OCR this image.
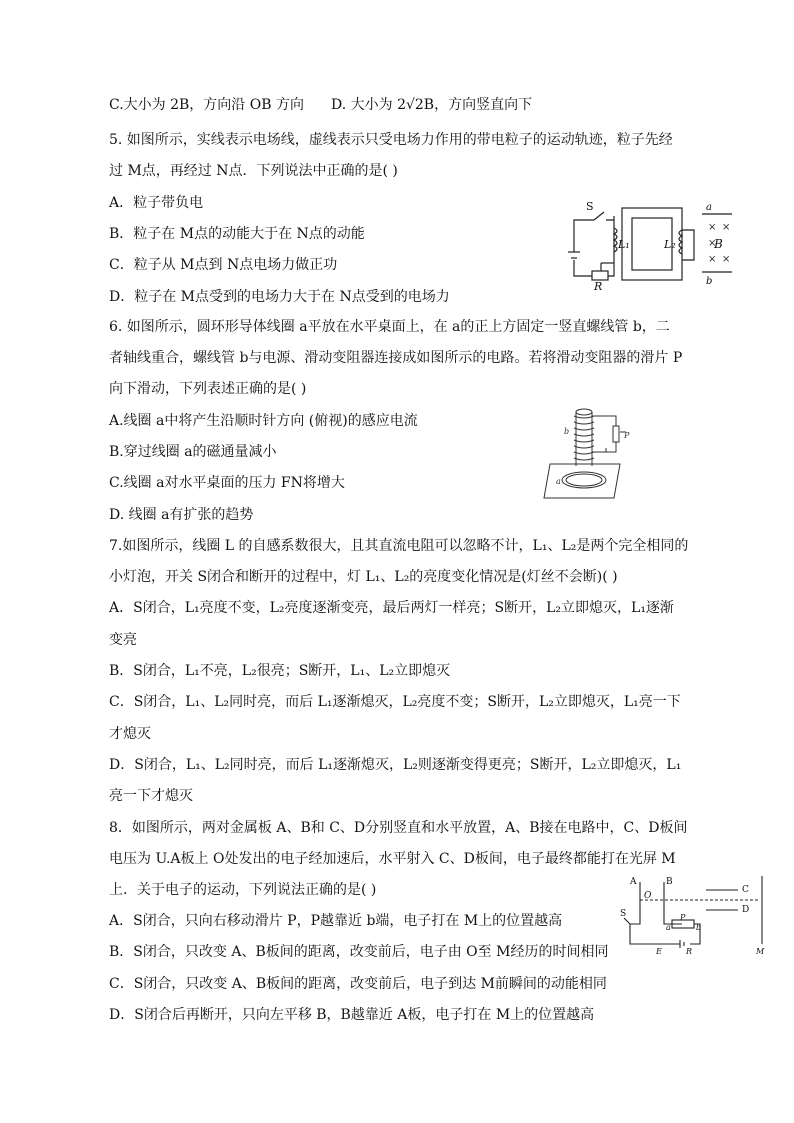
C.大小为 2B，方向沿 OB 方向 D. 大小为 2√2B，方向竖直向下
5. 如图所示，实线表示电场线，虚线表示只受电场力作用的带电粒子的运动轨迹，粒子先经
过 M点，再经过 N点．下列说法中正确的是( )
A．粒子带负电
B．粒子在 M点的动能大于在 N点的动能
C．粒子从 M点到 N点电场力做正功
D．粒子在 M点受到的电场力大于在 N点受到的电场力
×
×
×
×
×
S
L₁	L₂
R
a
b
B
6. 如图所示，圆环形导体线圈 a平放在水平桌面上，在 a的正上方固定一竖直螺线管 b，二
者轴线重合，螺线管 b与电源、滑动变阻器连接成如图所示的电路。若将滑动变阻器的滑片 P
向下滑动，下列表述正确的是( )
A.线圈 a中将产生沿顺时针方向 (俯视)的感应电流
B.穿过线圈 a的磁通量减小
C.线圈 a对水平桌面的压力 FN将增大
D. 线圈 a有扩张的趋势
b	P
a
7.如图所示，线圈 L 的自感系数很大，且其直流电阻可以忽略不计，L₁、L₂是两个完全相同的
小灯泡，开关 S闭合和断开的过程中，灯 L₁、L₂的亮度变化情况是(灯丝不会断)( )
A．S闭合，L₁亮度不变，L₂亮度逐渐变亮，最后两灯一样亮；S断开，L₂立即熄灭，L₁逐渐
变亮
B．S闭合，L₁不亮，L₂很亮；S断开，L₁、L₂立即熄灭
C．S闭合，L₁、L₂同时亮，而后 L₁逐渐熄灭，L₂亮度不变；S断开，L₂立即熄灭，L₁亮一下
才熄灭
D．S闭合，L₁、L₂同时亮，而后 L₁逐渐熄灭，L₂则逐渐变得更亮；S断开，L₂立即熄灭，L₁
亮一下才熄灭
8．如图所示，两对金属板 A、B和 C、D分别竖直和水平放置，A、B接在电路中，C、D板间
电压为 U.A板上 O处发出的电子经加速后，水平射入 C、D板间，电子最终都能打在光屏 M
上．关于电子的运动，下列说法正确的是( )
A．S闭合，只向右移动滑片 P，P越靠近 b端，电子打在 M上的位置越高
B．S闭合，只改变 A、B板间的距离，改变前后，电子由 O至 M经历的时间相同
C．S闭合，只改变 A、B板间的距离，改变前后，电子到达 M前瞬间的动能相同
D．S闭合后再断开，只向左平移 B，B越靠近 A板，电子打在 M上的位置越高
A	B
C
D
O
S
a
P
b
E	R	M
